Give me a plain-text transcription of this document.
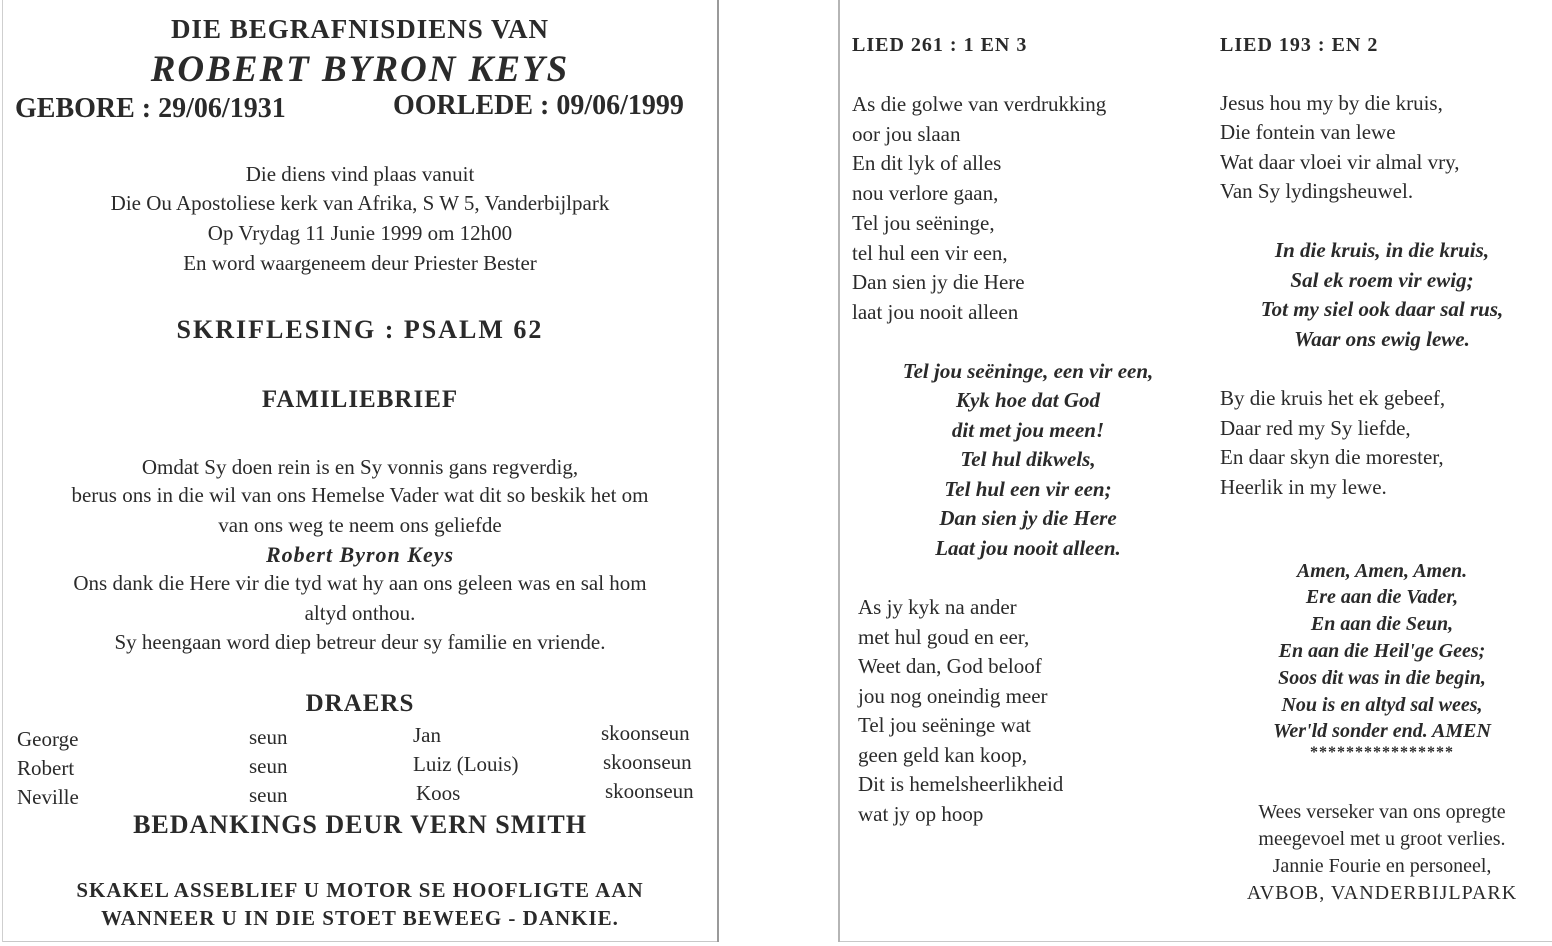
DIE BEGRAFNISDIENS VAN
ROBERT BYRON KEYS
GEBORE : 29/06/1931	OORLEDE : 09/06/1999
Die diens vind plaas vanuit
Die Ou Apostoliese kerk van Afrika, S W 5, Vanderbijlpark
Op Vrydag 11 Junie 1999 om 12h00
En word waargeneem deur Priester Bester
SKRIFLESING : PSALM 62
FAMILIEBRIEF
Omdat Sy doen rein is en Sy vonnis gans regverdig,
berus ons in die wil van ons Hemelse Vader wat dit so beskik het om
van ons weg te neem ons geliefde
Robert Byron Keys
Ons dank die Here vir die tyd wat hy aan ons geleen was en sal hom
altyd onthou.
Sy heengaan word diep betreur deur sy familie en vriende.
DRAERS
George	seun	Jan	skoonseun
Robert	seun	Luiz (Louis)	skoonseun
Neville	seun	Koos	skoonseun
BEDANKINGS DEUR VERN SMITH
SKAKEL ASSEBLIEF U MOTOR SE HOOFLIGTE AAN
WANNEER U IN DIE STOET BEWEEG - DANKIE.
LIED 261 : 1 EN 3
As die golwe van verdrukking
oor jou slaan
En dit lyk of alles
nou verlore gaan,
Tel jou seëninge,
tel hul een vir een,
Dan sien jy die Here
laat jou nooit alleen
Tel jou seëninge, een vir een,
Kyk hoe dat God
dit met jou meen!
Tel hul dikwels,
Tel hul een vir een;
Dan sien jy die Here
Laat jou nooit alleen.
As jy kyk na ander
met hul goud en eer,
Weet dan, God beloof
jou nog oneindig meer
Tel jou seëninge wat
geen geld kan koop,
Dit is hemelsheerlikheid
wat jy op hoop
LIED 193 : EN 2
Jesus hou my by die kruis,
Die fontein van lewe
Wat daar vloei vir almal vry,
Van Sy lydingsheuwel.
In die kruis, in die kruis,
Sal ek roem vir ewig;
Tot my siel ook daar sal rus,
Waar ons ewig lewe.
By die kruis het ek gebeef,
Daar red my Sy liefde,
En daar skyn die morester,
Heerlik in my lewe.
Amen, Amen, Amen.
Ere aan die Vader,
En aan die Seun,
En aan die Heil'ge Gees;
Soos dit was in die begin,
Nou is en altyd sal wees,
Wer'ld sonder end. AMEN
****************
Wees verseker van ons opregte
meegevoel met u groot verlies.
Jannie Fourie en personeel,
AVBOB, VANDERBIJLPARK
